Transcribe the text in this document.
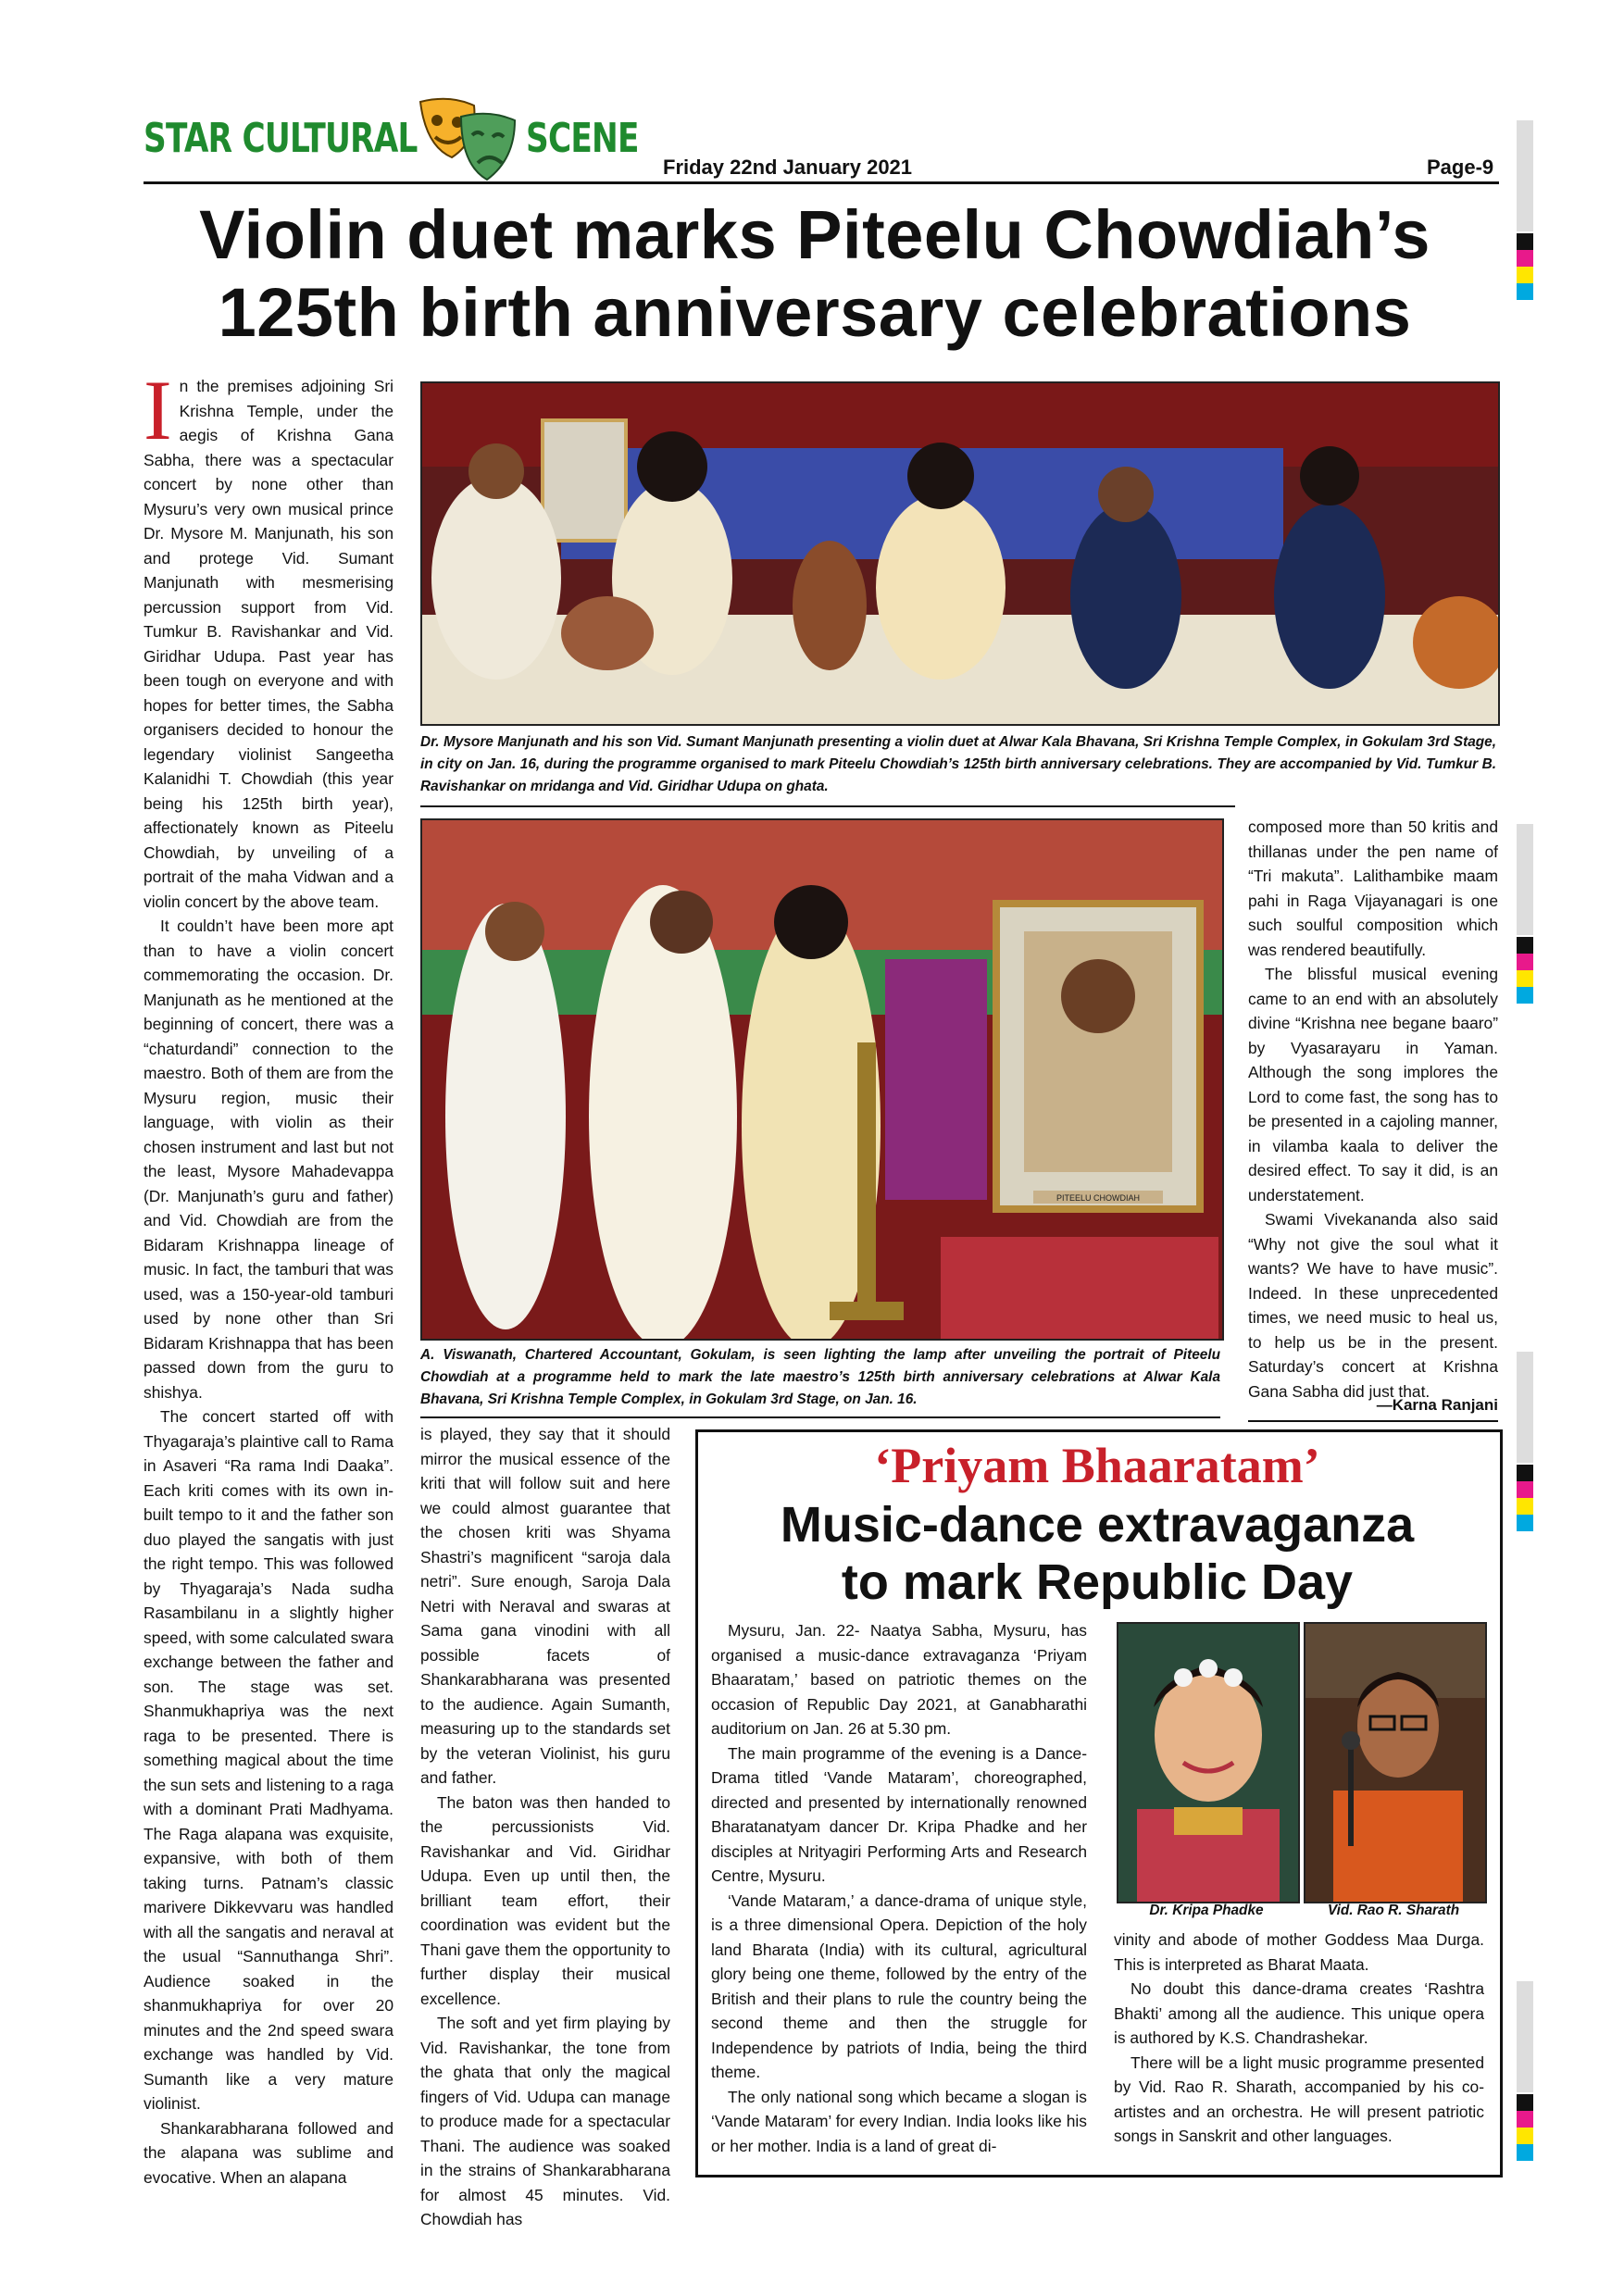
STAR CULTURAL	SCENE
Friday 22nd January 2021	Page-9
Violin duet marks Piteelu Chowdiah’s
125th birth anniversary celebrations

In the premises adjoining Sri Krishna Temple, under the aegis of Krishna Gana Sabha, there was a spectacular concert by none other than Mysuru’s very own musical prince Dr. Mysore M. Manjunath, his son and protege Vid. Sumant Manjunath with mesmerising percussion support from Vid. Tumkur B. Ravishankar and Vid. Giridhar Udupa. Past year has been tough on everyone and with hopes for better times, the Sabha organisers decided to honour the legendary violinist Sangeetha Kalanidhi T. Chowdiah (this year being his 125th birth year), affectionately known as Piteelu Chowdiah, by unveiling of a portrait of the maha Vidwan and a violin concert by the above team.

It couldn’t have been more apt than to have a violin concert commemorating the occasion. Dr. Manjunath as he mentioned at the beginning of concert, there was a “chaturdandi” connection to the maestro. Both of them are from the Mysuru region, music their language, with violin as their chosen instrument and last but not the least, Mysore Mahadevappa (Dr. Manjunath’s guru and father) and Vid. Chowdiah are from the Bidaram Krishnappa lineage of music. In fact, the tamburi that was used, was a 150-year-old tamburi used by none other than Sri Bidaram Krishnappa that has been passed down from the guru to shishya.

The concert started off with Thyagaraja’s plaintive call to Rama in Asaveri “Ra rama Indi Daaka”. Each kriti comes with its own in-built tempo to it and the father son duo played the sangatis with just the right tempo. This was followed by Thyagaraja’s Nada sudha Rasambilanu in a slightly higher speed, with some calculated swara exchange between the father and son. The stage was set. Shanmukhapriya was the next raga to be presented. There is something magical about the time the sun sets and listening to a raga with a dominant Prati Madhyama. The Raga alapana was exquisite, expansive, with both of them taking turns. Patnam’s classic marivere Dikkevvaru was handled with all the sangatis and neraval at the usual “Sannuthanga Shri”. Audience soaked in the shanmukhapriya for over 20 minutes and the 2nd speed swara exchange was handled by Vid. Sumanth like a very mature violinist.

Shankarabharana followed and the alapana was sublime and evocative. When an alapana

Dr. Mysore Manjunath and his son Vid. Sumant Manjunath presenting a violin duet at Alwar Kala Bhavana, Sri Krishna Temple Complex, in Gokulam 3rd Stage, in city on Jan. 16, during the programme organised to mark Piteelu Chowdiah’s 125th birth anniversary celebrations. They are accompanied by Vid. Tumkur B. Ravishankar on mridanga and Vid. Giridhar Udupa on ghata.
PITEELU CHOWDIAH
A. Viswanath, Chartered Accountant, Gokulam, is seen lighting the lamp after unveiling the portrait of Piteelu Chowdiah at a programme held to mark the late maestro’s 125th birth anniversary celebrations at Alwar Kala Bhavana, Sri Krishna Temple Complex, in Gokulam 3rd Stage, on Jan. 16.

is played, they say that it should mirror the musical essence of the kriti that will follow suit and here we could almost guarantee that the chosen kriti was Shyama Shastri’s magnificent “saroja dala netri”. Sure enough, Saroja Dala Netri with Neraval and swaras at Sama gana vinodini with all possible facets of Shankarabharana was presented to the audience. Again Sumanth, measuring up to the standards set by the veteran Violinist, his guru and father.

The baton was then handed to the percussionists Vid. Ravishankar and Vid. Giridhar Udupa. Even up until then, the brilliant team effort, their coordination was evident but the Thani gave them the opportunity to further display their musical excellence.

The soft and yet firm playing by Vid. Ravishankar, the tone from the ghata that only the magical fingers of Vid. Udupa can manage to produce made for a spectacular Thani. The audience was soaked in the strains of Shankarabharana for almost 45 minutes. Vid. Chowdiah has

composed more than 50 kritis and thillanas under the pen name of “Tri makuta”. Lalithambike maam pahi in Raga Vijayanagari is one such soulful composition which was rendered beautifully.

The blissful musical evening came to an end with an absolutely divine “Krishna nee begane baaro” by Vyasarayaru in Yaman. Although the song implores the Lord to come fast, the song has to be presented in a cajoling manner, in vilamba kaala to deliver the desired effect. To say it did, is an understatement.

Swami Vivekananda also said “Why not give the soul what it wants? We have to have music”. Indeed. In these unprecedented times, we need music to heal us, to help us be in the present. Saturday’s concert at Krishna Gana Sabha did just that.

—Karna Ranjani
‘Priyam Bhaaratam’
Music-dance extravaganza
to mark Republic Day

Mysuru, Jan. 22- Naatya Sabha, Mysuru, has organised a music-dance extravaganza ‘Priyam Bhaaratam,’ based on patriotic themes on the occasion of Republic Day 2021, at Ganabharathi auditorium on Jan. 26 at 5.30 pm.

The main programme of the evening is a Dance-Drama titled ‘Vande Mataram’, choreographed, directed and presented by internationally renowned Bharatanatyam dancer Dr. Kripa Phadke and her disciples at Nrityagiri Performing Arts and Research Centre, Mysuru.

‘Vande Mataram,’ a dance-drama of unique style, is a three dimensional Opera. Depiction of the holy land Bharata (India) with its cultural, agricultural glory being one theme, followed by the entry of the British and their plans to rule the country being the second theme and then the struggle for Independence by patriots of India, being the third theme.

The only national song which became a slogan is ‘Vande Mataram’ for every Indian. India looks like his or her mother. India is a land of great di-

Dr. Kripa Phadke	Vid. Rao R. Sharath

vinity and abode of mother Goddess Maa Durga. This is interpreted as Bharat Maata.

No doubt this dance-drama creates ‘Rashtra Bhakti’ among all the audience. This unique opera is authored by K.S. Chandrashekar.

There will be a light music programme presented by Vid. Rao R. Sharath, accompanied by his co-artistes and an orchestra. He will present patriotic songs in Sanskrit and other languages.
